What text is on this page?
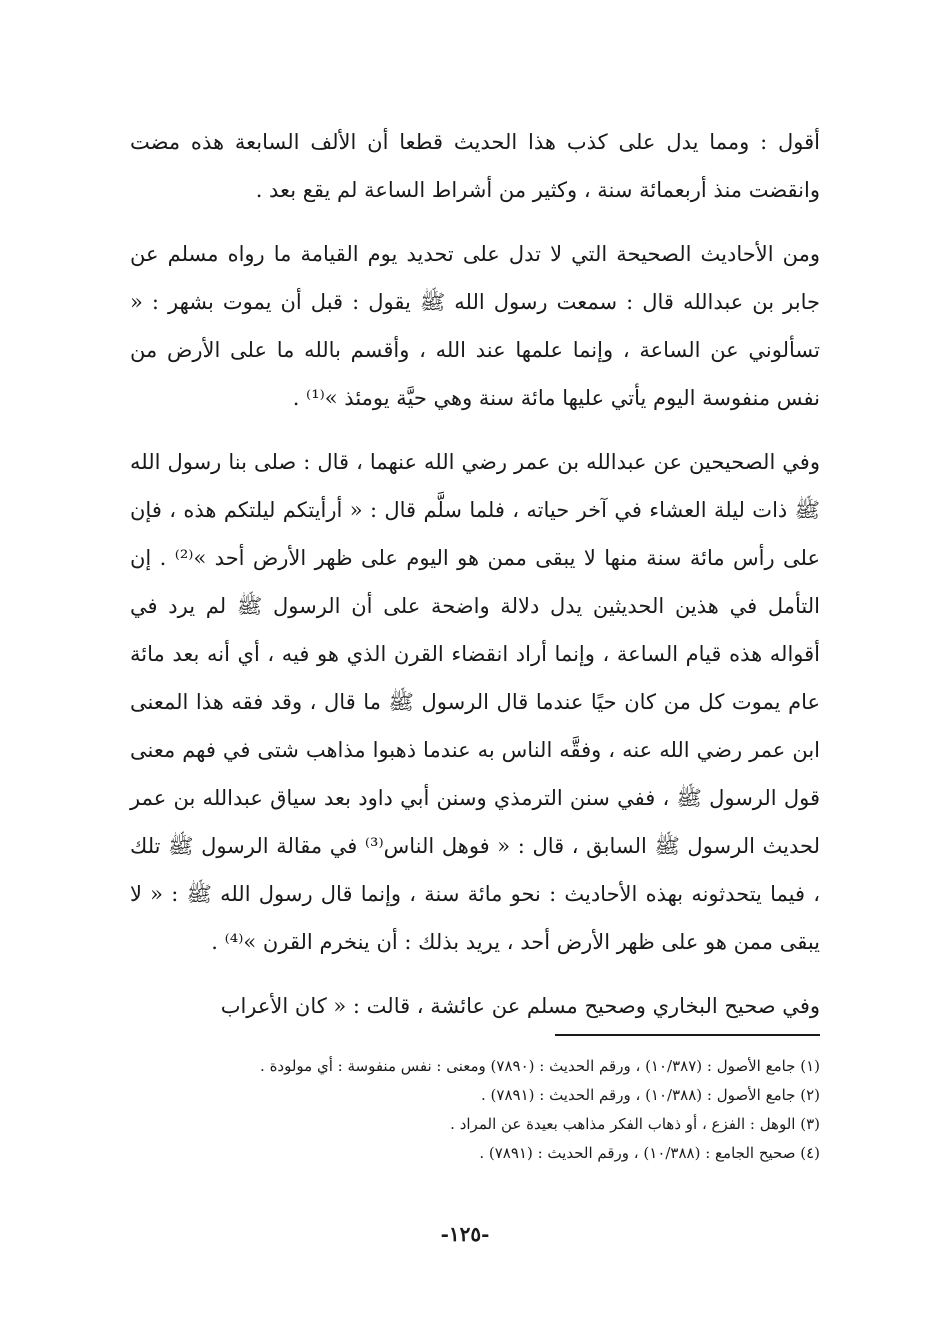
أقول : ومما يدل على كذب هذا الحديث قطعا أن الألف السابعة هذه مضت وانقضت منذ أربعمائة سنة ، وكثير من أشراط الساعة لم يقع بعد .

ومن الأحاديث الصحيحة التي لا تدل على تحديد يوم القيامة ما رواه مسلم عن جابر بن عبدالله قال : سمعت رسول الله ﷺ يقول : قبل أن يموت بشهر : « تسألوني عن الساعة ، وإنما علمها عند الله ، وأقسم بالله ما على الأرض من نفس منفوسة اليوم يأتي عليها مائة سنة وهي حيَّة يومئذ »⁽¹⁾ .

وفي الصحيحين عن عبدالله بن عمر رضي الله عنهما ، قال : صلى بنا رسول الله ﷺ ذات ليلة العشاء في آخر حياته ، فلما سلَّم قال : « أرأيتكم ليلتكم هذه ، فإن على رأس مائة سنة منها لا يبقى ممن هو اليوم على ظهر الأرض أحد »⁽²⁾ . إن التأمل في هذين الحديثين يدل دلالة واضحة على أن الرسول ﷺ لم يرد في أقواله هذه قيام الساعة ، وإنما أراد انقضاء القرن الذي هو فيه ، أي أنه بعد مائة عام يموت كل من كان حيًا عندما قال الرسول ﷺ ما قال ، وقد فقه هذا المعنى ابن عمر رضي الله عنه ، وفقَّه الناس به عندما ذهبوا مذاهب شتى في فهم معنى قول الرسول ﷺ ، ففي سنن الترمذي وسنن أبي داود بعد سياق عبدالله بن عمر لحديث الرسول ﷺ السابق ، قال : « فوهل الناس⁽³⁾ في مقالة الرسول ﷺ تلك ، فيما يتحدثونه بهذه الأحاديث : نحو مائة سنة ، وإنما قال رسول الله ﷺ : « لا يبقى ممن هو على ظهر الأرض أحد ، يريد بذلك : أن ينخرم القرن »⁽⁴⁾ .

وفي صحيح البخاري وصحيح مسلم عن عائشة ، قالت : « كان الأعراب

(١) جامع الأصول : (١٠/٣٨٧) ، ورقم الحديث : (٧٨٩٠) ومعنى : نفس منفوسة : أي مولودة .

(٢) جامع الأصول : (١٠/٣٨٨) ، ورقم الحديث : (٧٨٩١) .

(٣) الوهل : الفزع ، أو ذهاب الفكر مذاهب بعيدة عن المراد .

(٤) صحيح الجامع : (١٠/٣٨٨) ، ورقم الحديث : (٧٨٩١) .

-١٢٥-
